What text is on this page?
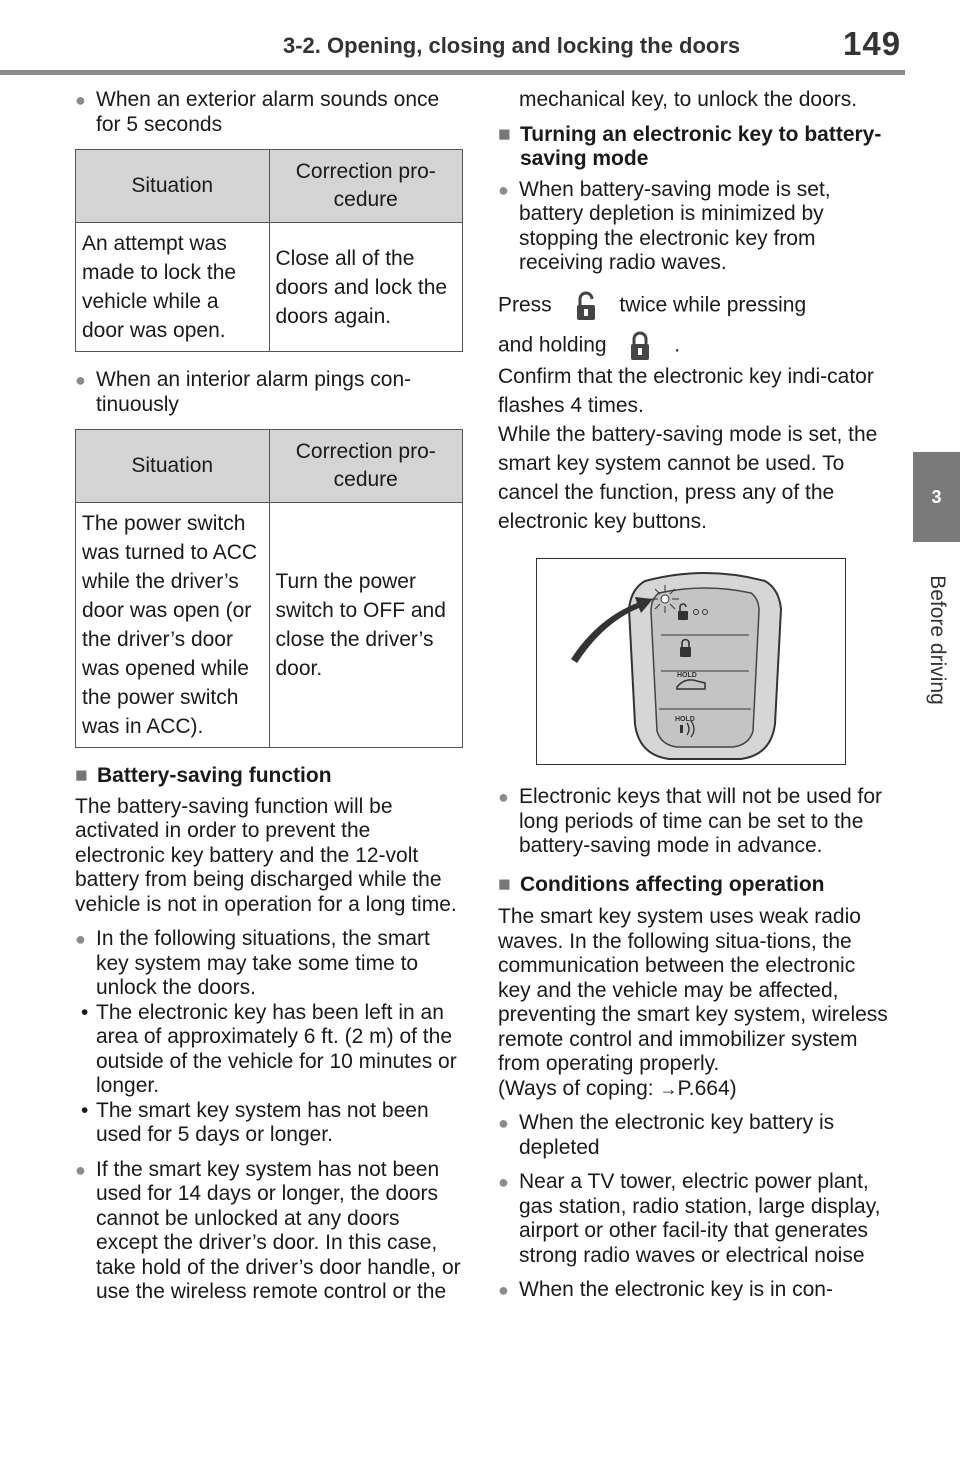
3-2. Opening, closing and locking the doors	149
3
Before driving
● When an exterior alarm sounds once for 5 seconds
Situation	Correction pro-cedure
An attempt was made to lock the vehicle while a door was open.	Close all of the doors and lock the doors again.
● When an interior alarm pings con-tinuously
Situation	Correction pro-cedure
The power switch was turned to ACC while the driver’s door was open (or the driver’s door was opened while the power switch was in ACC).	Turn the power switch to OFF and close the driver’s door.
■ Battery-saving function

The battery-saving function will be activated in order to prevent the electronic key battery and the 12-volt battery from being discharged while the vehicle is not in operation for a long time.

● In the following situations, the smart key system may take some time to unlock the doors.
• The electronic key has been left in an area of approximately 6 ft. (2 m) of the outside of the vehicle for 10 minutes or longer.
• The smart key system has not been used for 5 days or longer.
● If the smart key system has not been used for 14 days or longer, the doors cannot be unlocked at any doors except the driver’s door. In this case, take hold of the driver’s door handle, or use the wireless remote control or the

mechanical key, to unlock the doors.

■ Turning an electronic key to battery-saving mode
● When battery-saving mode is set, battery depletion is minimized by stopping the electronic key from receiving radio waves.

Press	twice while pressing

and holding	.

Confirm that the electronic key indi-cator flashes 4 times.

While the battery-saving mode is set, the smart key system cannot be used. To cancel the function, press any of the electronic key buttons.

HOLD
HOLD
● Electronic keys that will not be used for long periods of time can be set to the battery-saving mode in advance.
■ Conditions affecting operation

The smart key system uses weak radio waves. In the following situa-tions, the communication between the electronic key and the vehicle may be affected, preventing the smart key system, wireless remote control and immobilizer system from operating properly.

(Ways of coping: →P.664)

● When the electronic key battery is depleted
● Near a TV tower, electric power plant, gas station, radio station, large display, airport or other facil-ity that generates strong radio waves or electrical noise
● When the electronic key is in con-
